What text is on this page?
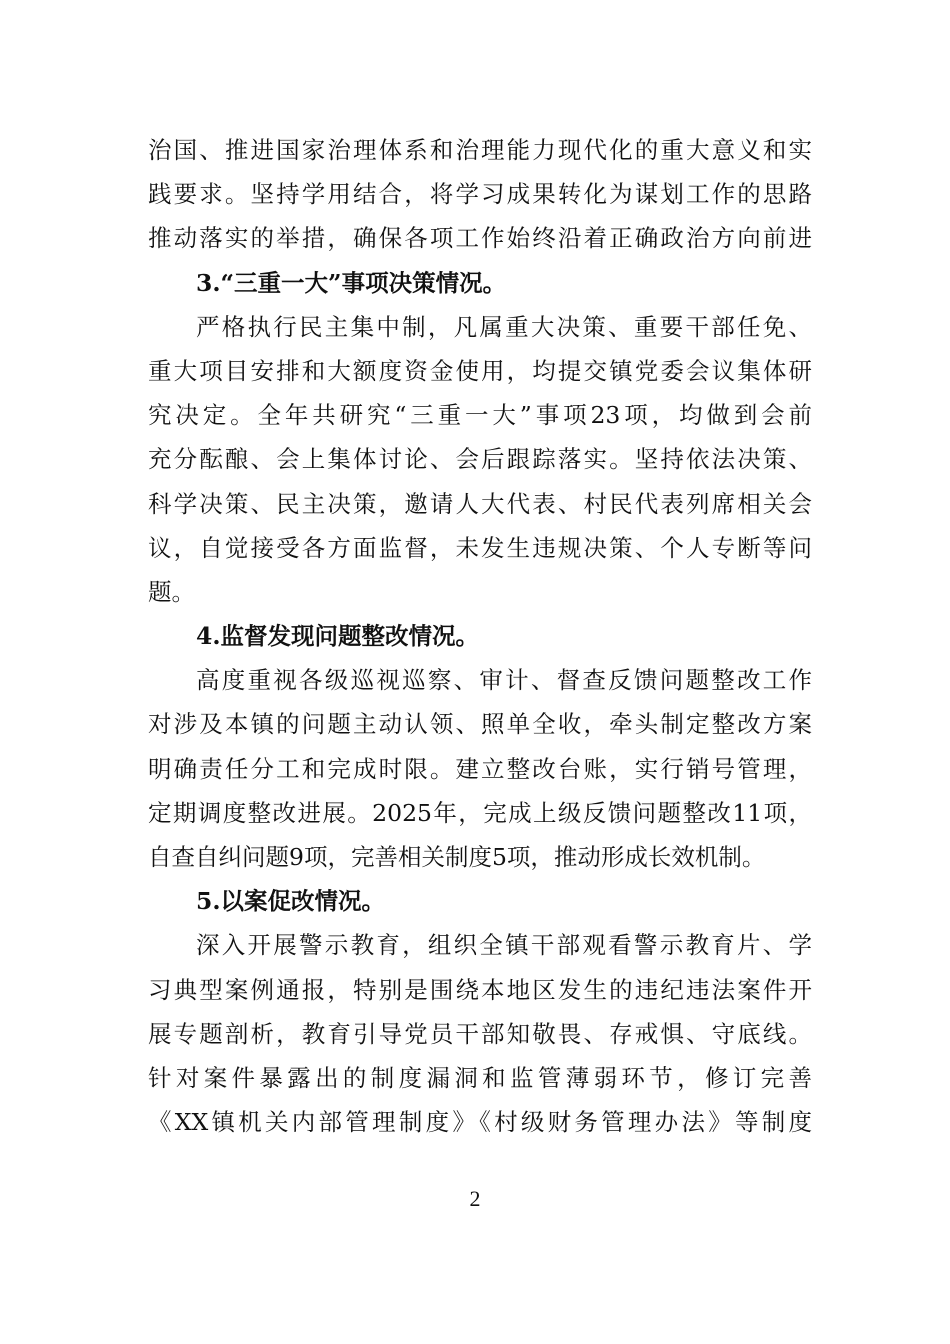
治国、推进国家治理体系和治理能力现代化的重大意义和实
践要求。坚持学用结合，将学习成果转化为谋划工作的思路
推动落实的举措，确保各项工作始终沿着正确政治方向前进
3.“三重一大”事项决策情况。
严格执行民主集中制，凡属重大决策、重要干部任免、
重大项目安排和大额度资金使用，均提交镇党委会议集体研
究决定。全年共研究“三重一大”事项23项，均做到会前
充分酝酿、会上集体讨论、会后跟踪落实。坚持依法决策、
科学决策、民主决策，邀请人大代表、村民代表列席相关会
议，自觉接受各方面监督，未发生违规决策、个人专断等问
题。
4.监督发现问题整改情况。
高度重视各级巡视巡察、审计、督查反馈问题整改工作
对涉及本镇的问题主动认领、照单全收，牵头制定整改方案
明确责任分工和完成时限。建立整改台账，实行销号管理，
定期调度整改进展。2025年，完成上级反馈问题整改11项，
自查自纠问题9项，完善相关制度5项，推动形成长效机制。
5.以案促改情况。
深入开展警示教育，组织全镇干部观看警示教育片、学
习典型案例通报，特别是围绕本地区发生的违纪违法案件开
展专题剖析，教育引导党员干部知敬畏、存戒惧、守底线。
针对案件暴露出的制度漏洞和监管薄弱环节，修订完善
《XX镇机关内部管理制度》《村级财务管理办法》等制度
2
